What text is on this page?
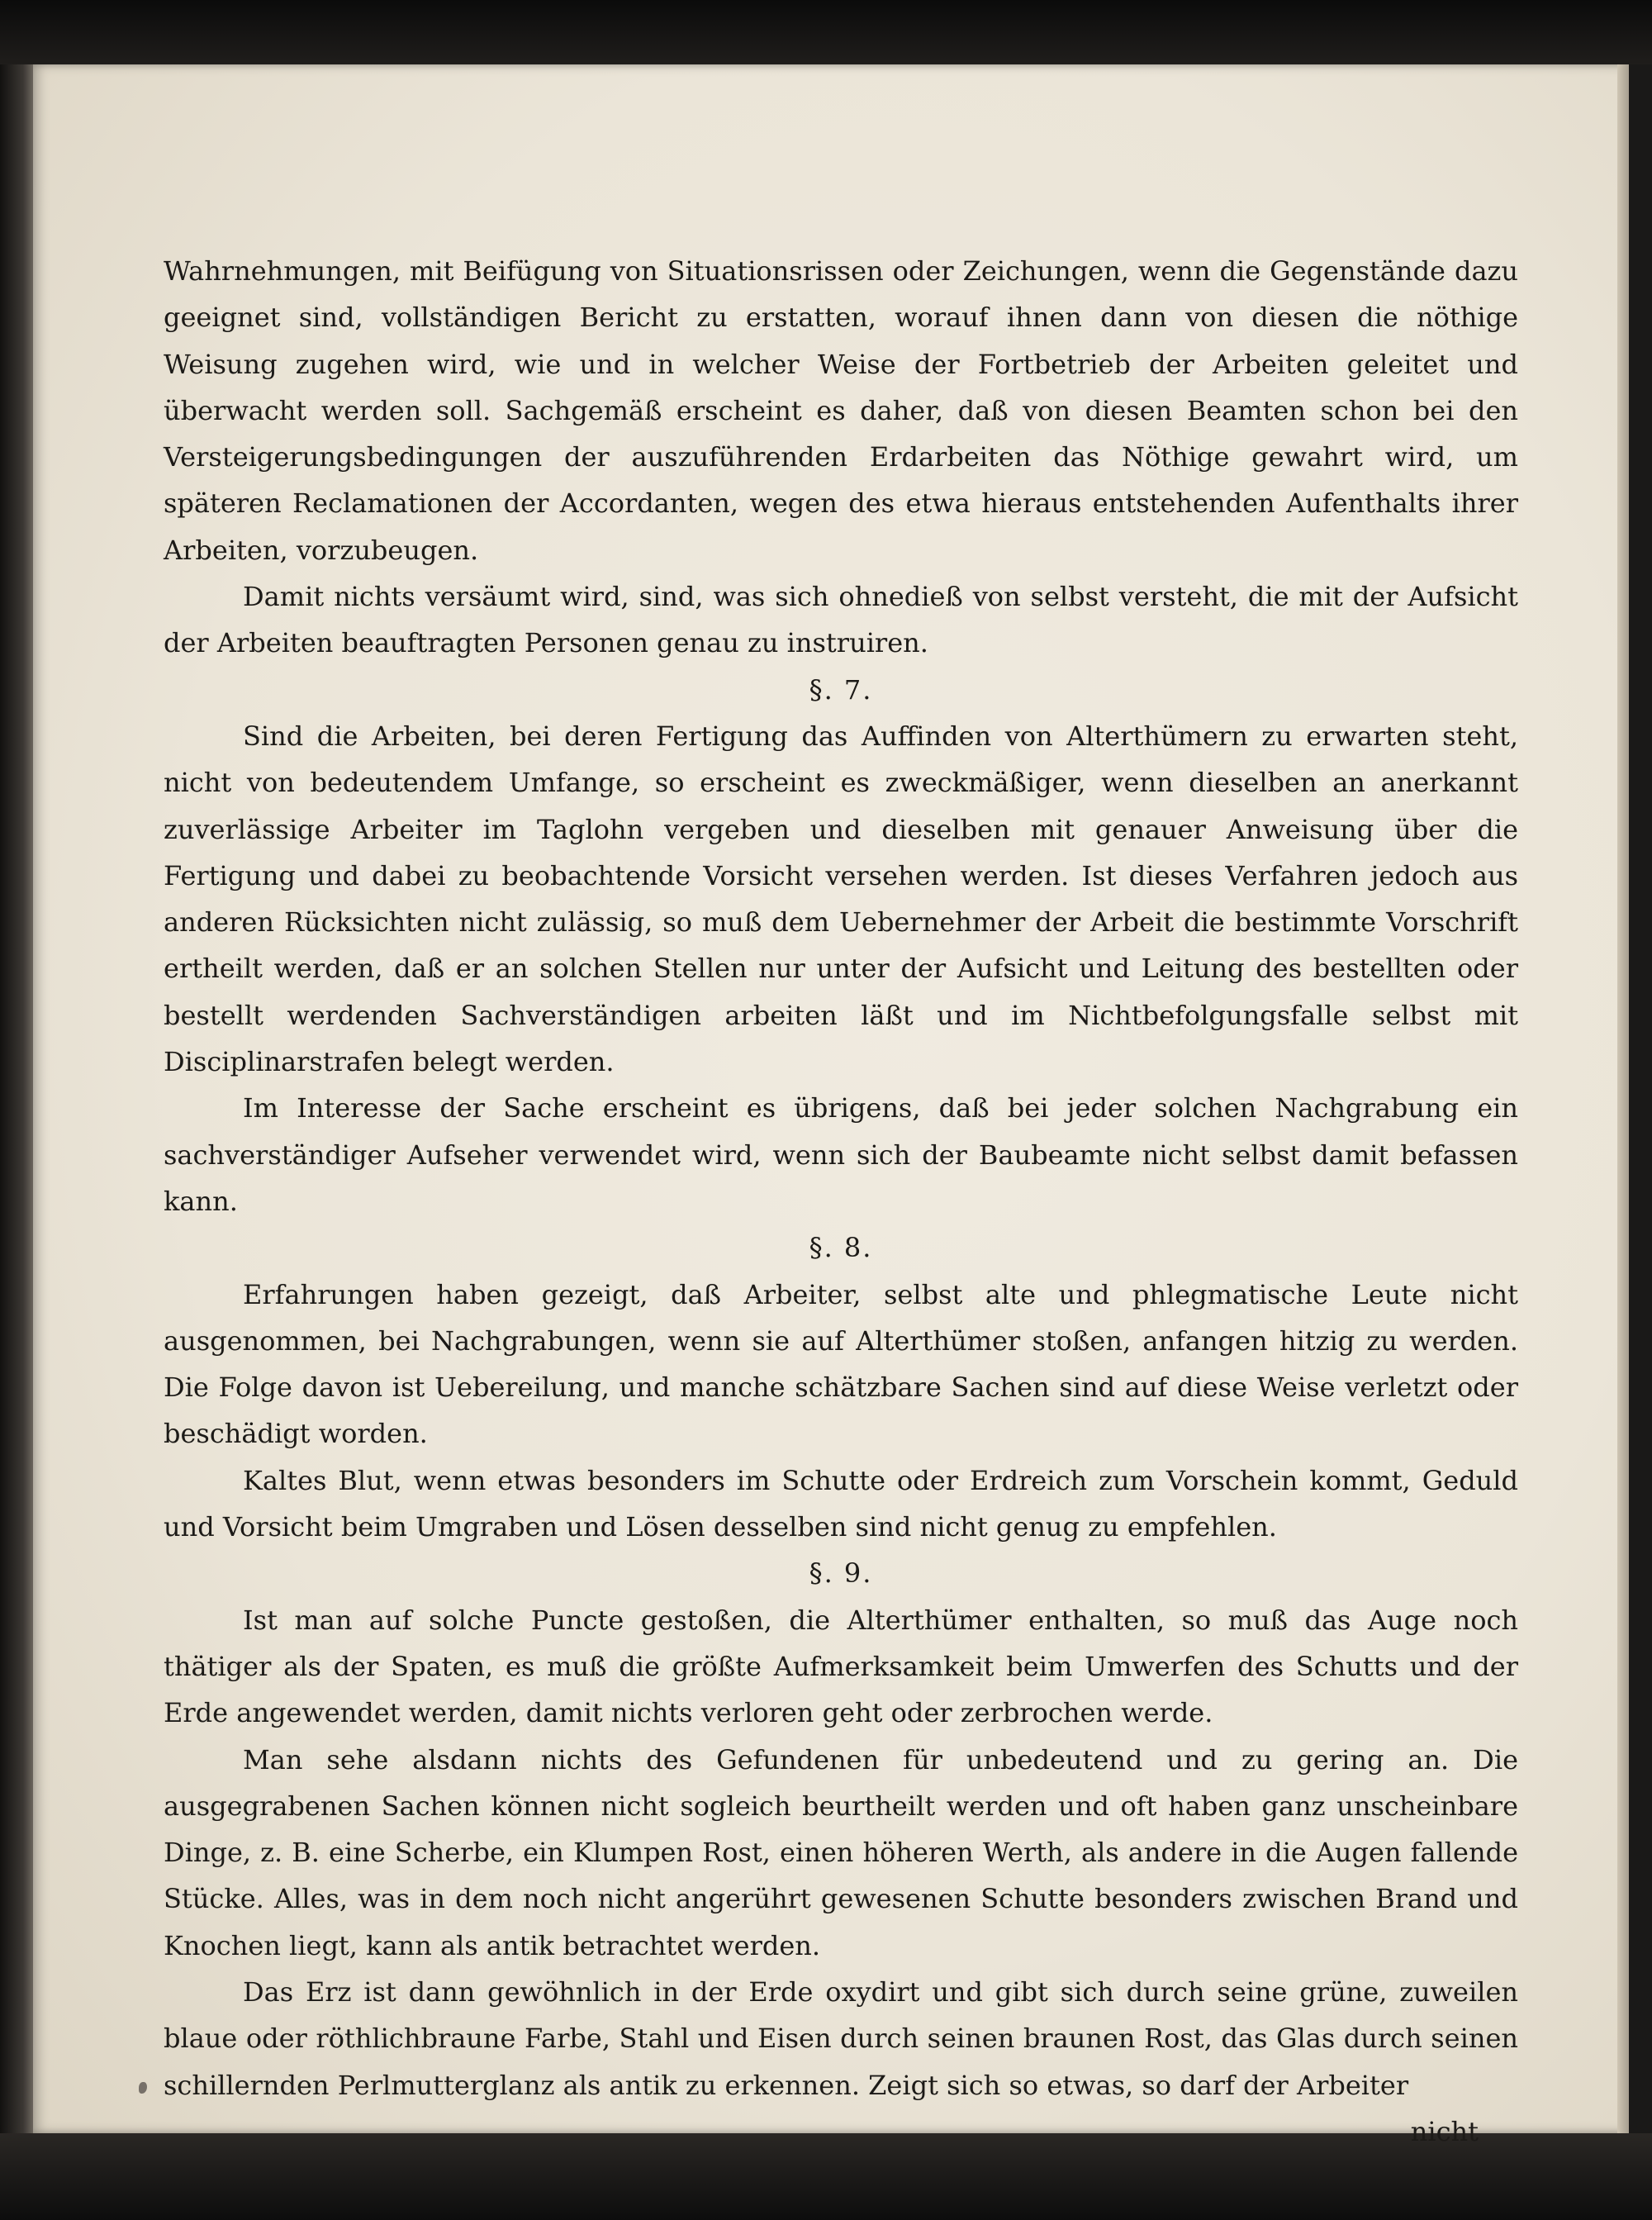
Wahrnehmungen, mit Beifügung von Situationsrissen oder Zeichungen, wenn die Gegenstände dazu geeignet sind, vollständigen Bericht zu erstatten, worauf ihnen dann von diesen die nöthige Weisung zugehen wird, wie und in welcher Weise der Fortbetrieb der Arbeiten geleitet und überwacht werden soll. Sachgemäß erscheint es daher, daß von diesen Beamten schon bei den Versteigerungsbedingungen der auszuführenden Erdarbeiten das Nöthige gewahrt wird, um späteren Reclamationen der Accordanten, wegen des etwa hieraus entstehenden Aufenthalts ihrer Arbeiten, vorzubeugen.

Damit nichts versäumt wird, sind, was sich ohnedieß von selbst versteht, die mit der Aufsicht der Arbeiten beauftragten Personen genau zu instruiren.

§. 7.

Sind die Arbeiten, bei deren Fertigung das Auffinden von Alterthümern zu erwarten steht, nicht von bedeutendem Umfange, so erscheint es zweckmäßiger, wenn dieselben an anerkannt zuverlässige Arbeiter im Taglohn vergeben und dieselben mit genauer Anweisung über die Fertigung und dabei zu beobachtende Vorsicht versehen werden. Ist dieses Verfahren jedoch aus anderen Rücksichten nicht zulässig, so muß dem Uebernehmer der Arbeit die bestimmte Vorschrift ertheilt werden, daß er an solchen Stellen nur unter der Aufsicht und Leitung des bestellten oder bestellt werdenden Sachverständigen arbeiten läßt und im Nichtbefolgungsfalle selbst mit Disciplinarstrafen belegt werden.

Im Interesse der Sache erscheint es übrigens, daß bei jeder solchen Nachgrabung ein sachverständiger Aufseher verwendet wird, wenn sich der Baubeamte nicht selbst damit befassen kann.

§. 8.

Erfahrungen haben gezeigt, daß Arbeiter, selbst alte und phlegmatische Leute nicht ausgenommen, bei Nachgrabungen, wenn sie auf Alterthümer stoßen, anfangen hitzig zu werden. Die Folge davon ist Uebereilung, und manche schätzbare Sachen sind auf diese Weise verletzt oder beschädigt worden.

Kaltes Blut, wenn etwas besonders im Schutte oder Erdreich zum Vorschein kommt, Geduld und Vorsicht beim Umgraben und Lösen desselben sind nicht genug zu empfehlen.

§. 9.

Ist man auf solche Puncte gestoßen, die Alterthümer enthalten, so muß das Auge noch thätiger als der Spaten, es muß die größte Aufmerksamkeit beim Umwerfen des Schutts und der Erde angewendet werden, damit nichts verloren geht oder zerbrochen werde.

Man sehe alsdann nichts des Gefundenen für unbedeutend und zu gering an. Die ausgegrabenen Sachen können nicht sogleich beurtheilt werden und oft haben ganz unscheinbare Dinge, z. B. eine Scherbe, ein Klumpen Rost, einen höheren Werth, als andere in die Augen fallende Stücke. Alles, was in dem noch nicht angerührt gewesenen Schutte besonders zwischen Brand und Knochen liegt, kann als antik betrachtet werden.

Das Erz ist dann gewöhnlich in der Erde oxydirt und gibt sich durch seine grüne, zuweilen blaue oder röthlichbraune Farbe, Stahl und Eisen durch seinen braunen Rost, das Glas durch seinen schillernden Perlmutterglanz als antik zu erkennen. Zeigt sich so etwas, so darf der Arbeiter

nicht
